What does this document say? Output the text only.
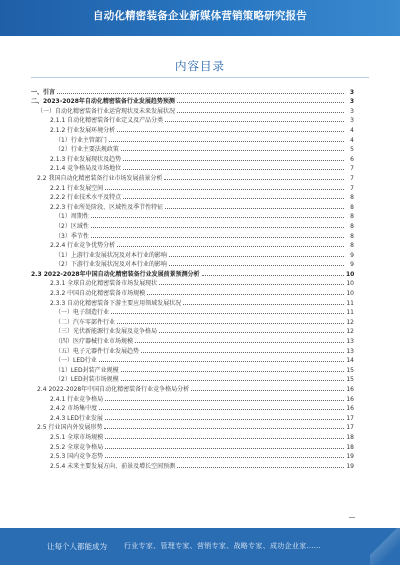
自动化精密装备企业新媒体营销策略研究报告
内容目录
一、引言	3
二、2023-2028年自动化精密装备行业发展趋势预测	3
（一）自动化精密装备行业运营现状及未来发展状况	3
2.1.1 自动化精密装备行业定义及产品分类	3
2.1.2 行业发展环境分析	4
（1）行业主管部门	4
（2）行业主要法规政策	5
2.1.3 行业发展现状及趋势	6
2.1.4 竞争格局及市场地位	7
2.2 我国自动化精密装备行业市场发展前景分析	7
2.2.1 行业发展空间	7
2.2.2 行业技术水平及特点	8
2.2.3 行业所处阶段、区域性及季节性特征	8
（1）周期性	8
（2）区域性	8
（3）季节性	8
2.2.4 行业竞争优势分析	8
（1）上游行业发展状况及对本行业的影响	9
（2）下游行业发展状况及对本行业的影响	9
2.3 2022-2028年中国自动化精密装备行业发展前景预测分析	10
2.3.1 全球自动化精密装备市场发展现状	10
2.3.2 中国自动化精密装备市场规模	10
2.3.3 自动化精密装备下游主要应用领域发展状况	11
（一）电子制造行业	11
（二）汽车零部件行业	12
（三）光伏新能源行业发展及竞争格局	12
（四）医疗器械行业市场规模	13
（五）电子元器件行业发展趋势	13
（一）LED行业	14
（1）LED封装产业规模	15
（2）LED封装市场规模	15
2.4 2022-2028年中国自动化精密装备行业竞争格局分析	16
2.4.1 行业竞争格局	16
2.4.2 市场集中度	16
2.4.3 LED行业发展	17
2.5 行业国内外发展形势	17
2.5.1 全球市场规模	18
2.5.2 全球竞争格局	18
2.5.3 国内竞争态势	19
2.5.4 未来主要发展方向、前景及增长空间预测	19
让每个人都能成为 行业专家、管理专家、营销专家、战略专家、成功企业家……
